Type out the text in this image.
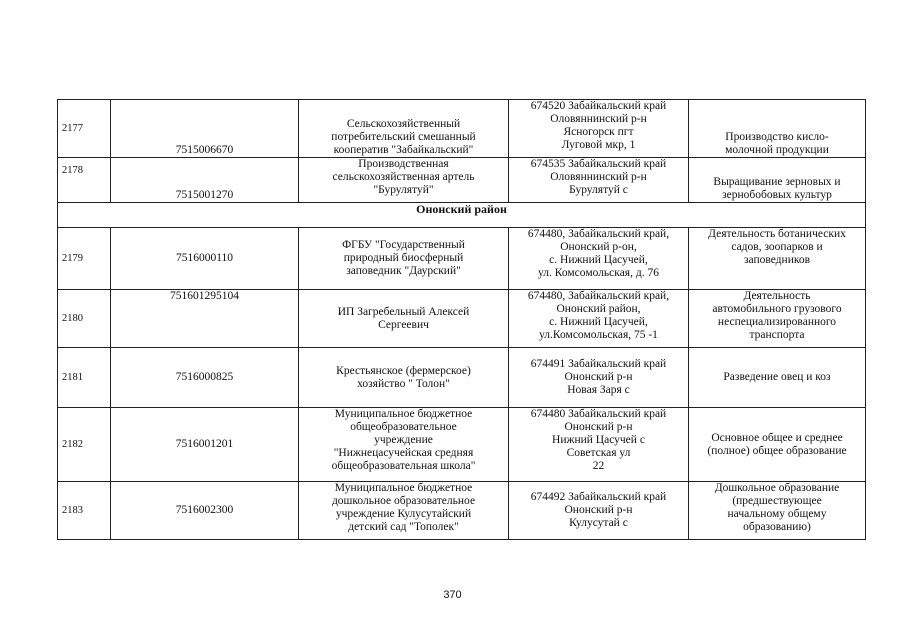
2177	7515006670	Сельскохозяйственный
потребительский смешанный
кооператив "Забайкальский"	674520 Забайкальский край
Оловяннинский р-н
Ясногорск пгт
Луговой мкр, 1	Производство кисло-
молочной продукции

2178	7515001270	Производственная
сельскохозяйственная артель
"Бурулятуй"	674535 Забайкальский край
Оловяннинский р-н
Бурулятуй с	Выращивание зерновых и
зернобобовых культур

Ононский район				
2179	7516000110	ФГБУ "Государственный
природный биосферный
заповедник "Даурский"	674480, Забайкальский край,
Ононский р-он,
с. Нижний Цасучей,
ул. Комсомольская, д. 76	Деятельность ботанических
садов, зоопарков и
заповедников

2180	751601295104	ИП Загребельный Алексей
Сергеевич	674480, Забайкальский край,
Ононский район,
с. Нижний Цасучей,
ул.Комсомольская, 75 -1	Деятельность
автомобильного грузового
неспециализированного
транспорта

2181	7516000825	Крестьянское (фермерское)
хозяйство " Толон"	674491 Забайкальский край
Ононский р-н
Новая Заря с	Разведение овец и коз

2182	7516001201	Муниципальное бюджетное
общеобразовательное
учреждение
"Нижнецасучейская средняя
общеобразовательная школа"	674480 Забайкальский край
Ононский р-н
Нижний Цасучей с
Советская ул
22	Основное общее и среднее
(полное) общее образование

2183	7516002300	Муниципальное бюджетное
дошкольное образовательное
учреждение Кулусутайский
детский сад "Тополек"	674492 Забайкальский край
Ононский р-н
Кулусутай с	Дошкольное образование
(предшествующее
начальному общему
образованию)
370
